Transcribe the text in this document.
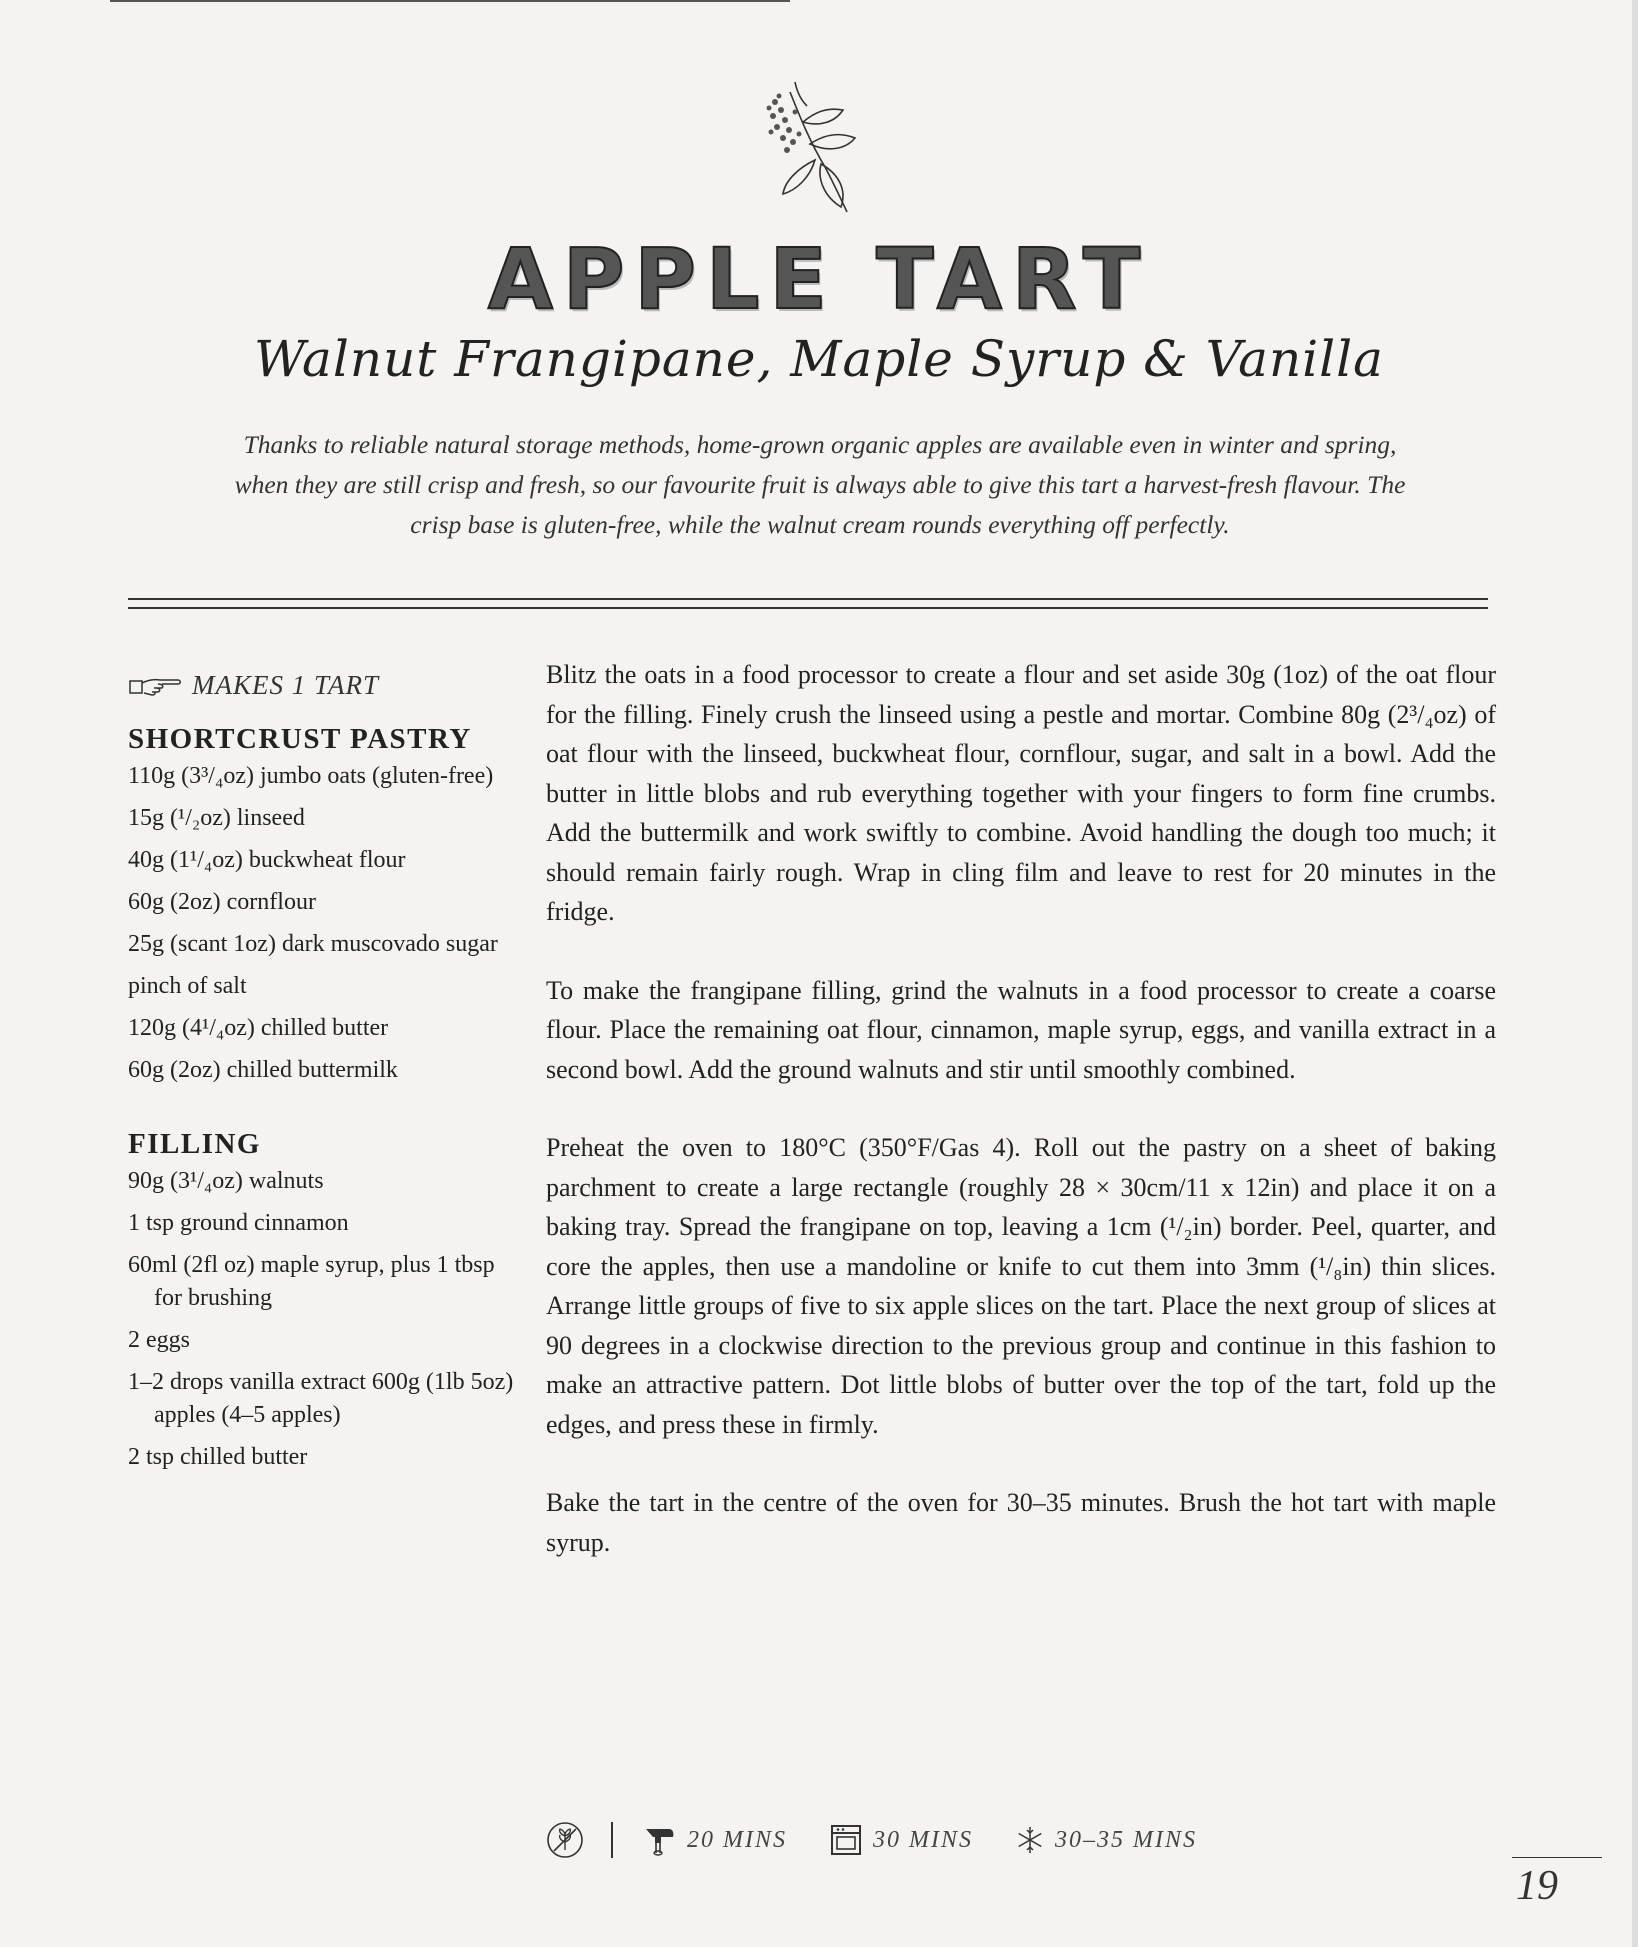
APPLE TART
Walnut Frangipane, Maple Syrup & Vanilla
Thanks to reliable natural storage methods, home-grown organic apples are available even in winter and spring, when they are still crisp and fresh, so our favourite fruit is always able to give this tart a harvest-fresh flavour. The crisp base is gluten-free, while the walnut cream rounds everything off perfectly.
MAKES 1 TART
SHORTCRUST PASTRY
110g (3³/₄oz) jumbo oats (gluten-free)
15g (¹/₂oz) linseed
40g (1¹/₄oz) buckwheat flour
60g (2oz) cornflour
25g (scant 1oz) dark muscovado sugar
pinch of salt
120g (4¹/₄oz) chilled butter
60g (2oz) chilled buttermilk
FILLING
90g (3¹/₄oz) walnuts
1 tsp ground cinnamon
60ml (2fl oz) maple syrup, plus 1 tbsp for brushing
2 eggs
1–2 drops vanilla extract 600g (1lb 5oz) apples (4–5 apples)
2 tsp chilled butter

Blitz the oats in a food processor to create a flour and set aside 30g (1oz) of the oat flour for the filling. Finely crush the linseed using a pestle and mortar. Combine 80g (2³/₄oz) of oat flour with the linseed, buckwheat flour, cornflour, sugar, and salt in a bowl. Add the butter in little blobs and rub everything together with your fingers to form fine crumbs. Add the buttermilk and work swiftly to combine. Avoid handling the dough too much; it should remain fairly rough. Wrap in cling film and leave to rest for 20 minutes in the fridge.

To make the frangipane filling, grind the walnuts in a food processor to create a coarse flour. Place the remaining oat flour, cinnamon, maple syrup, eggs, and vanilla extract in a second bowl. Add the ground walnuts and stir until smoothly combined.

Preheat the oven to 180°C (350°F/Gas 4). Roll out the pastry on a sheet of baking parchment to create a large rectangle (roughly 28 × 30cm/11 x 12in) and place it on a baking tray. Spread the frangipane on top, leaving a 1cm (¹/₂in) border. Peel, quarter, and core the apples, then use a mandoline or knife to cut them into 3mm (¹/₈in) thin slices. Arrange little groups of five to six apple slices on the tart. Place the next group of slices at 90 degrees in a clockwise direction to the previous group and continue in this fashion to make an attractive pattern. Dot little blobs of butter over the top of the tart, fold up the edges, and press these in firmly.

Bake the tart in the centre of the oven for 30–35 minutes. Brush the hot tart with maple syrup.

20 MINS	30 MINS	30–35 MINS
19
